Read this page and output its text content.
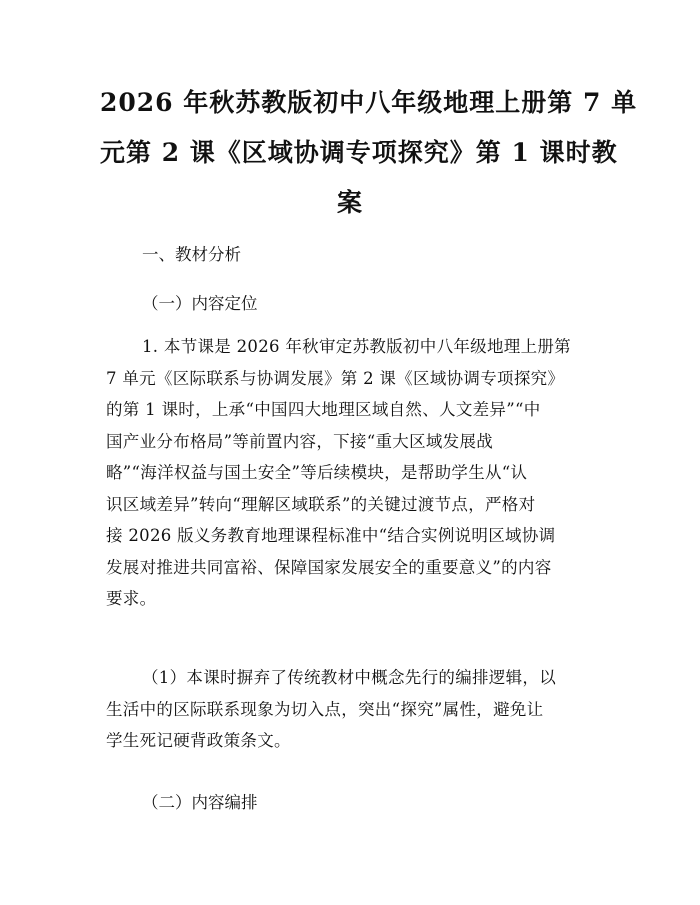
2026 年秋苏教版初中八年级地理上册第 7 单
元第 2 课《区域协调专项探究》第 1 课时教
案
一、教材分析
（一）内容定位
1. 本节课是 2026 年秋审定苏教版初中八年级地理上册第
7 单元《区际联系与协调发展》第 2 课《区域协调专项探究》
的第 1 课时，上承“中国四大地理区域自然、人文差异”“中
国产业分布格局”等前置内容，下接“重大区域发展战
略”“海洋权益与国土安全”等后续模块，是帮助学生从“认
识区域差异”转向“理解区域联系”的关键过渡节点，严格对
接 2026 版义务教育地理课程标准中“结合实例说明区域协调
发展对推进共同富裕、保障国家发展安全的重要意义”的内容
要求。
（1）本课时摒弃了传统教材中概念先行的编排逻辑，以
生活中的区际联系现象为切入点，突出“探究”属性，避免让
学生死记硬背政策条文。
（二）内容编排
